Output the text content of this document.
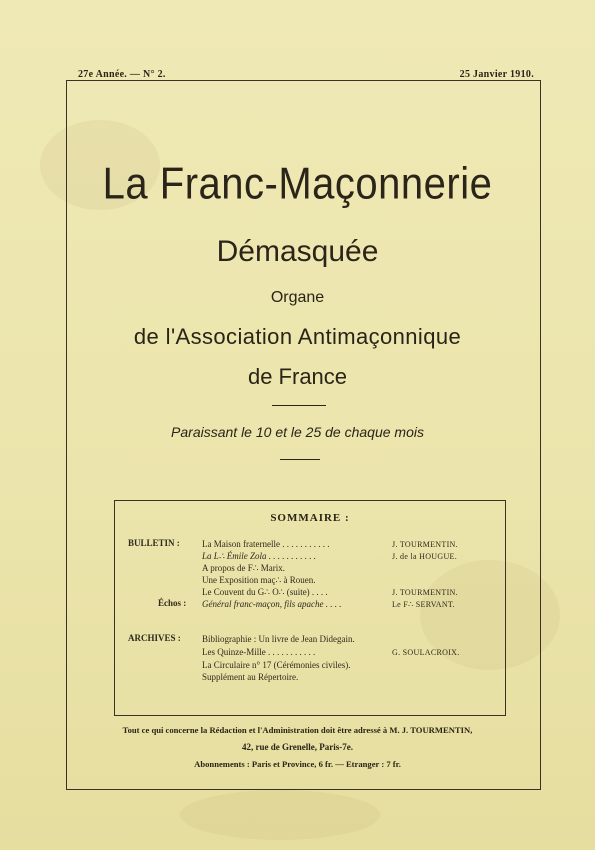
27e Année. — N° 2.	25 Janvier 1910.
La Franc-Maçonnerie
Démasquée
Organe
de l'Association Antimaçonnique
de France
Paraissant le 10 et le 25 de chaque mois
SOMMAIRE :
BULLETIN : La Maison fraternelle . . . . . . . . . . .	J. TOURMENTIN.
La L∴ Émile Zola . . . . . . . . . . .	J. de la HOUGUE.
A propos de F∴ Marix.
Une Exposition maç∴ à Rouen.
Le Couvent du G∴ O∴ (suite) . . . .	J. TOURMENTIN.
Échos : Général franc-maçon, fils apache . . . .	Le F∴ SERVANT.
ARCHIVES : Bibliographie : Un livre de Jean Didegain.
Les Quinze-Mille . . . . . . . . . . .	G. SOULACROIX.
La Circulaire n° 17 (Cérémonies civiles).
Supplément au Répertoire.
Tout ce qui concerne la Rédaction et l'Administration doit être adressé à M. J. TOURMENTIN,
42, rue de Grenelle, Paris-7e.
Abonnements : Paris et Province, 6 fr. — Etranger : 7 fr.
